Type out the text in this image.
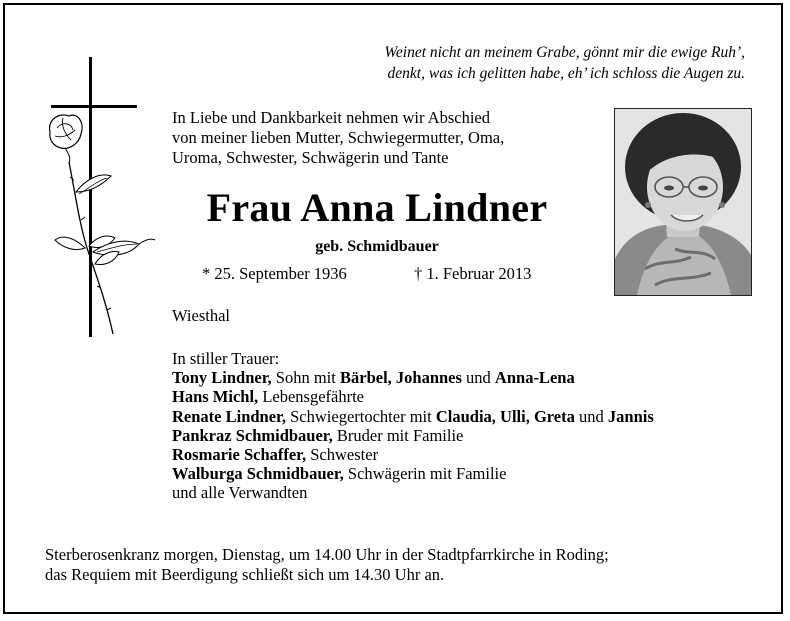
Weinet nicht an meinem Grabe, gönnt mir die ewige Ruh’,
denkt, was ich gelitten habe, eh’ ich schloss die Augen zu.
In Liebe und Dankbarkeit nehmen wir Abschied
von meiner lieben Mutter, Schwiegermutter, Oma,
Uroma, Schwester, Schwägerin und Tante
Frau Anna Lindner
geb. Schmidbauer
* 25. September 1936	† 1. Februar 2013
Wiesthal
In stiller Trauer:
Tony Lindner, Sohn mit Bärbel, Johannes und Anna-Lena
Hans Michl, Lebensgefährte
Renate Lindner, Schwiegertochter mit Claudia, Ulli, Greta und Jannis
Pankraz Schmidbauer, Bruder mit Familie
Rosmarie Schaffer, Schwester
Walburga Schmidbauer, Schwägerin mit Familie
und alle Verwandten
Sterberosenkranz morgen, Dienstag, um 14.00 Uhr in der Stadtpfarrkirche in Roding;
das Requiem mit Beerdigung schließt sich um 14.30 Uhr an.
